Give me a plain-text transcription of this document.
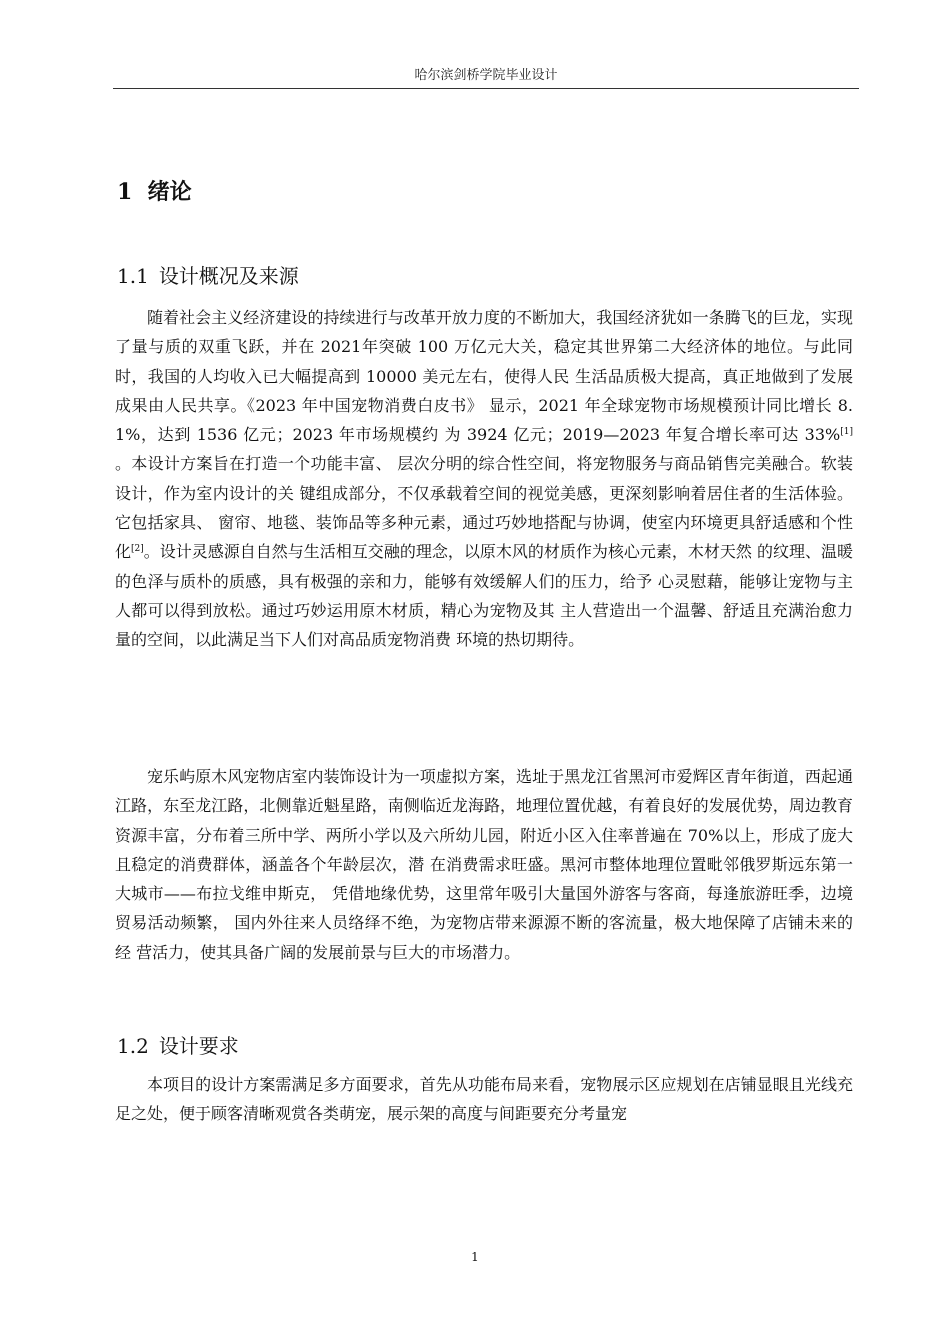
哈尔滨剑桥学院毕业设计
1 绪论
1.1 设计概况及来源

随着社会主义经济建设的持续进行与改革开放力度的不断加大，我国经济犹如一条腾飞的巨龙，实现了量与质的双重飞跃，并在 2021年突破 100 万亿元大关，稳定其世界第二大经济体的地位。与此同时，我国的人均收入已大幅提高到 10000 美元左右，使得人民 生活品质极大提高，真正地做到了发展成果由人民共享。《2023 年中国宠物消费白皮书》 显示，2021 年全球宠物市场规模预计同比增长 8.1%，达到 1536 亿元；2023 年市场规模约 为 3924 亿元；2019—2023 年复合增长率可达 33%[1] 。本设计方案旨在打造一个功能丰富、 层次分明的综合性空间，将宠物服务与商品销售完美融合。软装设计，作为室内设计的关 键组成部分，不仅承载着空间的视觉美感，更深刻影响着居住者的生活体验。它包括家具、 窗帘、地毯、装饰品等多种元素，通过巧妙地搭配与协调，使室内环境更具舒适感和个性 化[2]。设计灵感源自自然与生活相互交融的理念，以原木风的材质作为核心元素，木材天然 的纹理、温暖的色泽与质朴的质感，具有极强的亲和力，能够有效缓解人们的压力，给予 心灵慰藉，能够让宠物与主人都可以得到放松。通过巧妙运用原木材质，精心为宠物及其 主人营造出一个温馨、舒适且充满治愈力量的空间，以此满足当下人们对高品质宠物消费 环境的热切期待。

宠乐屿原木风宠物店室内装饰设计为一项虚拟方案，选址于黑龙江省黑河市爱辉区青年街道，西起通江路，东至龙江路，北侧靠近魁星路，南侧临近龙海路，地理位置优越，有着良好的发展优势，周边教育资源丰富，分布着三所中学、两所小学以及六所幼儿园，附近小区入住率普遍在 70%以上，形成了庞大且稳定的消费群体，涵盖各个年龄层次，潜 在消费需求旺盛。黑河市整体地理位置毗邻俄罗斯远东第一大城市——布拉戈维申斯克， 凭借地缘优势，这里常年吸引大量国外游客与客商，每逢旅游旺季，边境贸易活动频繁， 国内外往来人员络绎不绝，为宠物店带来源源不断的客流量，极大地保障了店铺未来的经 营活力，使其具备广阔的发展前景与巨大的市场潜力。

1.2 设计要求

本项目的设计方案需满足多方面要求，首先从功能布局来看，宠物展示区应规划在店铺显眼且光线充足之处，便于顾客清晰观赏各类萌宠，展示架的高度与间距要充分考量宠

1
